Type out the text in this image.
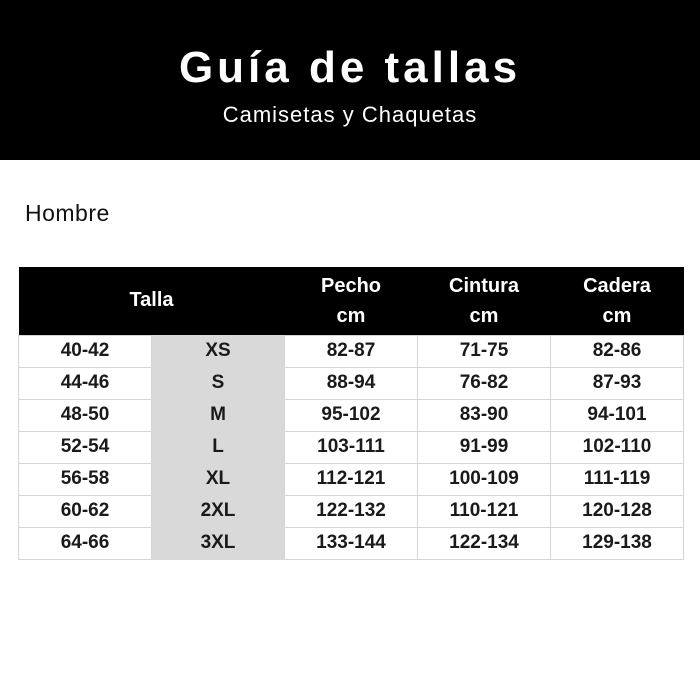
Guía de tallas
Camisetas y Chaquetas
Hombre
Talla	
Pecho
cm

Cintura
cm

Cadera
cm

40-42	XS	82-87	71-75	82-86
44-46	S	88-94	76-82	87-93
48-50	M	95-102	83-90	94-101
52-54	L	103-111	91-99	102-110
56-58	XL	112-121	100-109	111-119
60-62	2XL	122-132	110-121	120-128
64-66	3XL	133-144	122-134	129-138
